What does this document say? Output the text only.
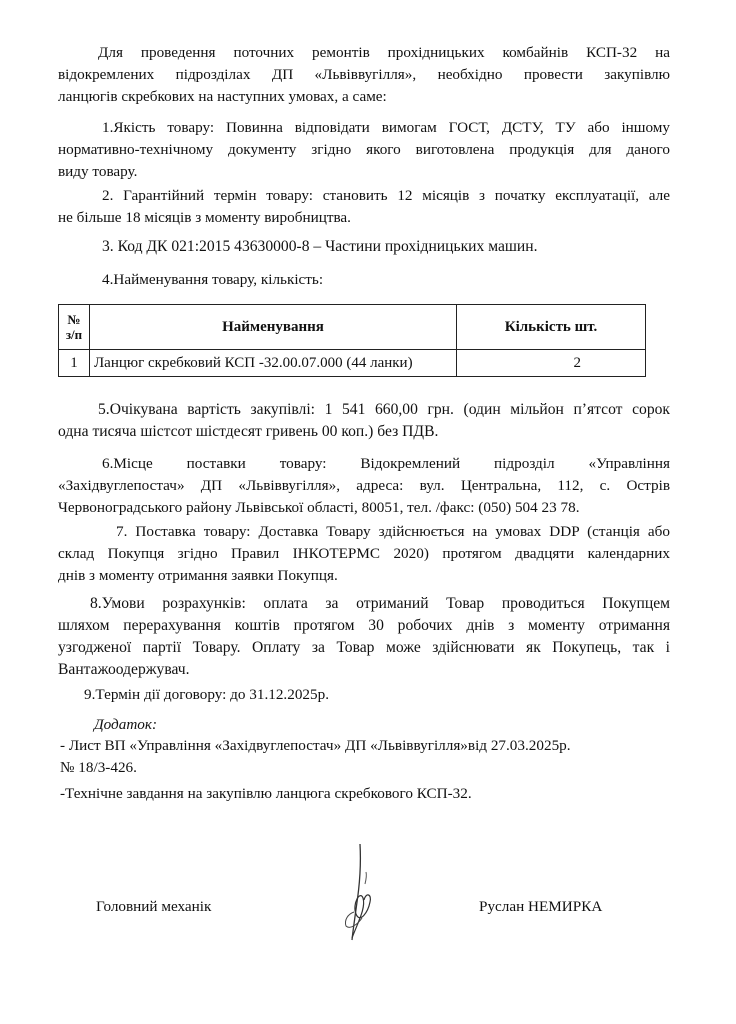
Для проведення поточних ремонтів прохідницьких комбайнів КСП-32 на
відокремлених підрозділах ДП «Львіввугілля», необхідно провести закупівлю
ланцюгів скребкових на наступних умовах, а саме:
1.Якість товару: Повинна відповідати вимогам ГОСТ, ДСТУ, ТУ або іншому
нормативно-технічному документу згідно якого виготовлена продукція для даного
виду товару.
2. Гарантійний термін товару: становить 12 місяців з початку експлуатації, але
не більше 18 місяців з моменту виробництва.
3. Код ДК 021:2015 43630000-8 – Частини прохідницьких машин.
4.Найменування товару, кількість:
№ з/п	Найменування	Кількість шт.
1	Ланцюг скребковий КСП -32.00.07.000 (44 ланки)	2
5.Очікувана вартість закупівлі: 1 541 660,00 грн. (один мільйон п’ятсот сорок
одна тисяча шістсот шістдесят гривень 00 коп.) без ПДВ.
6.Місце поставки товару: Відокремлений підрозділ «Управління
«Західвуглепостач» ДП «Львіввугілля», адреса: вул. Центральна, 112, с. Острів
Червоноградського району Львівської області, 80051, тел. /факс: (050) 504 23 78.
7. Поставка товару: Доставка Товару здійснюється на умовах DDP (станція або
склад Покупця згідно Правил ІНКОТЕРМС 2020) протягом двадцяти календарних
днів з моменту отримання заявки Покупця.
8.Умови розрахунків: оплата за отриманий Товар проводиться Покупцем
шляхом перерахування коштів протягом 30 робочих днів з моменту отримання
узгодженої партії Товару. Оплату за Товар може здійснювати як Покупець, так і
Вантажоодержувач.
9.Термін дії договору: до 31.12.2025р.
Додаток:
- Лист ВП «Управління «Західвуглепостач» ДП «Львіввугілля»від 27.03.2025р.
№ 18/3-426.
-Технічне завдання на закупівлю ланцюга скребкового КСП-32.
Головний механік	Руслан НЕМИРКА
